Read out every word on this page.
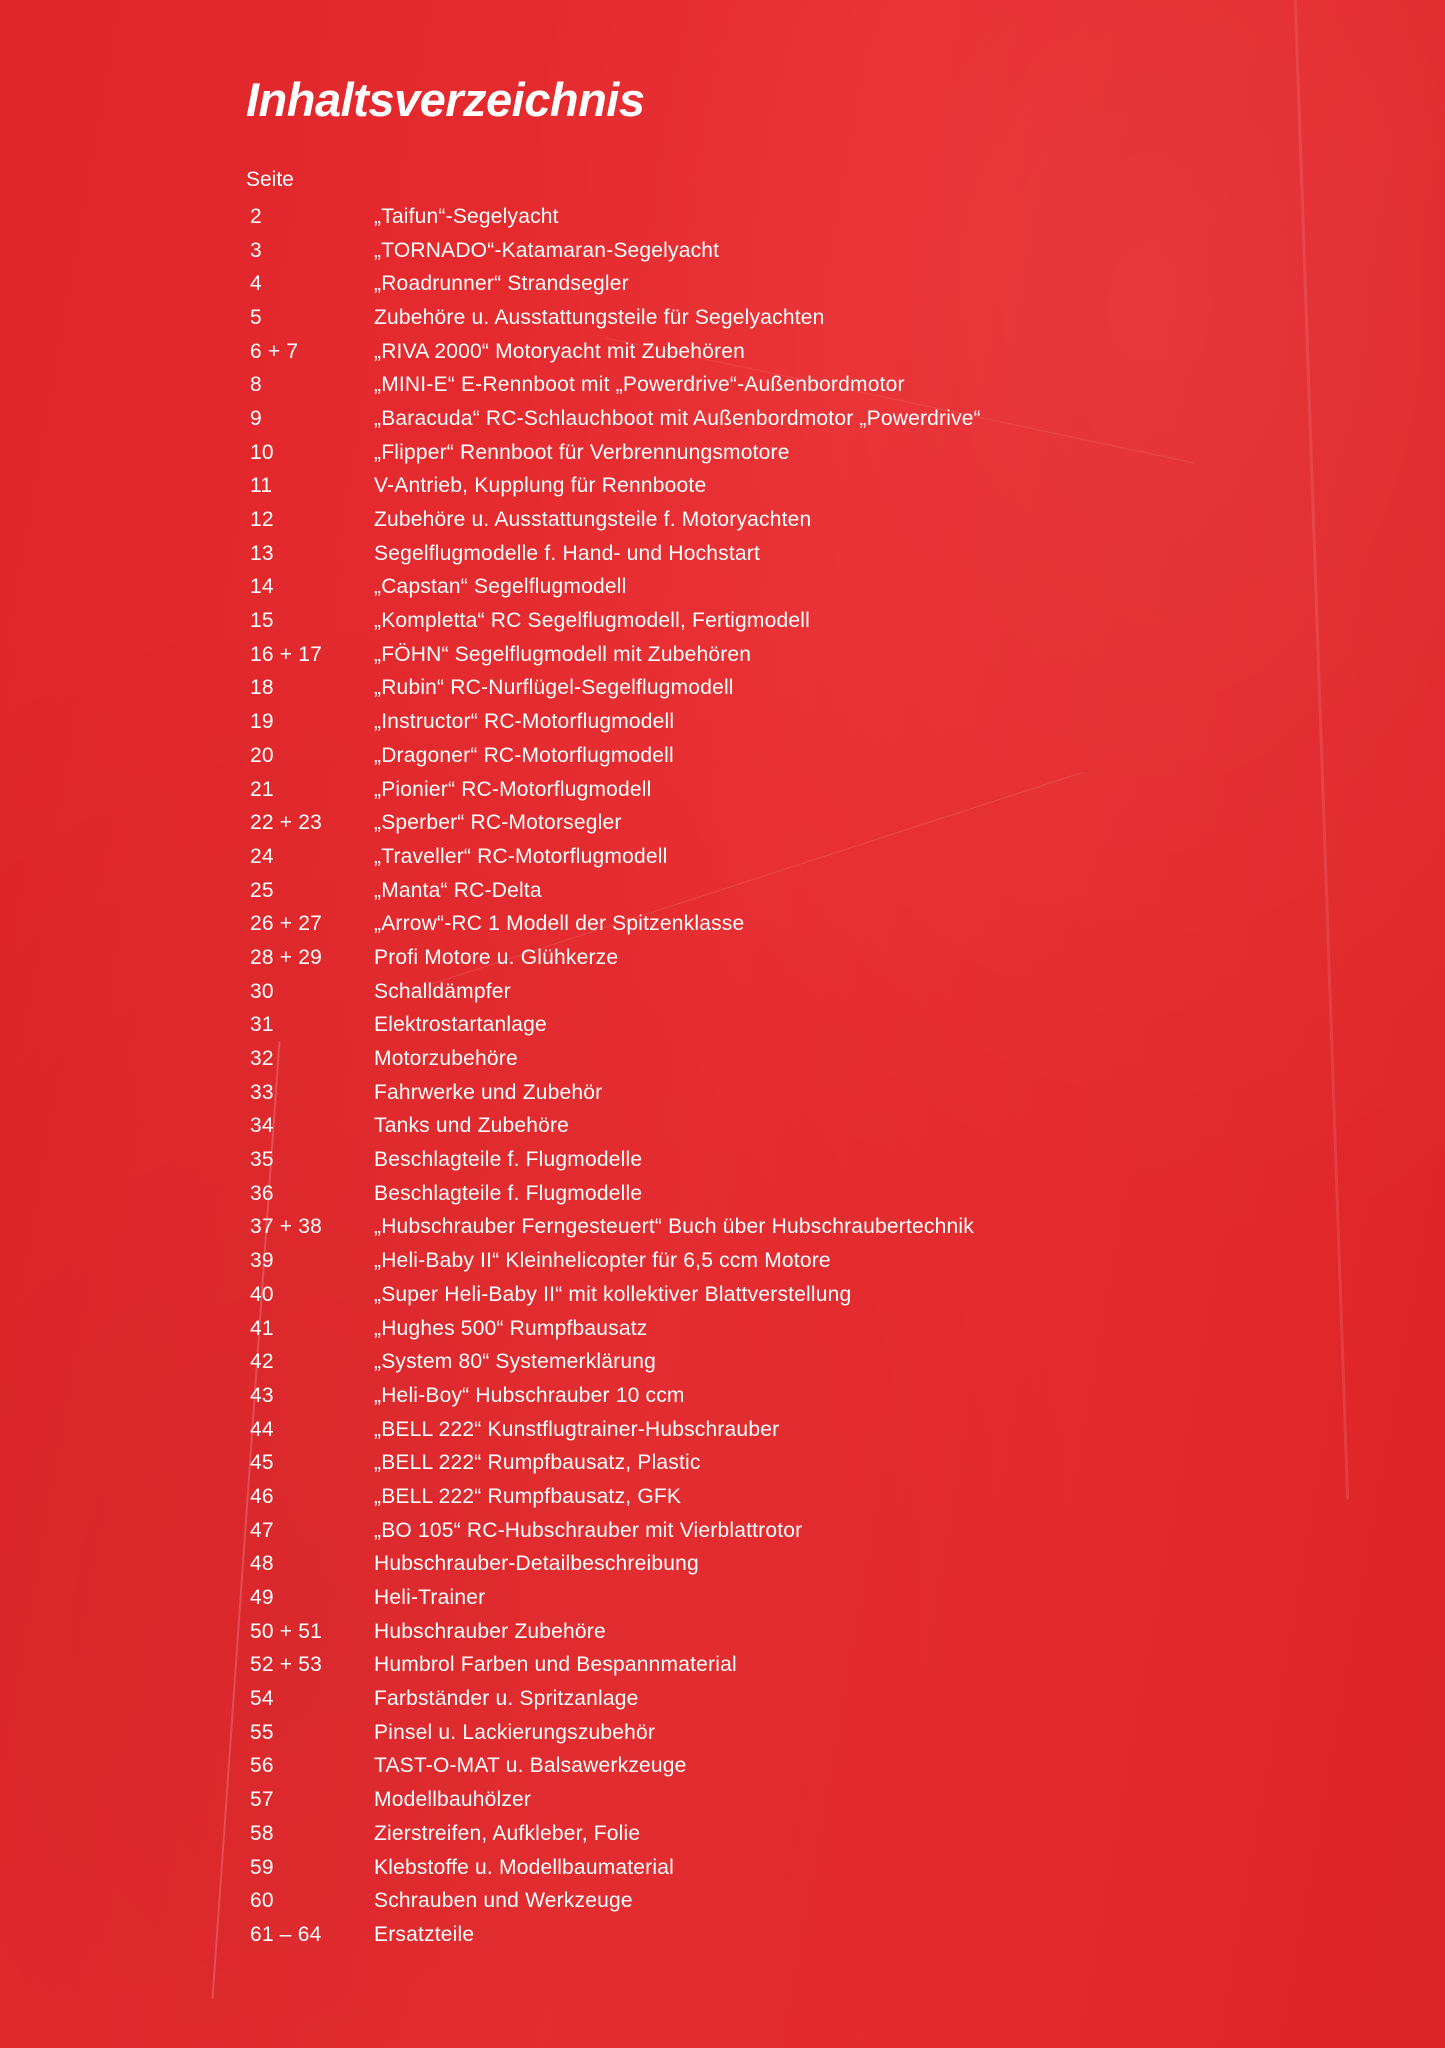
Inhaltsverzeichnis
Seite
2	„Taifun“-Segelyacht
3	„TORNADO“-Katamaran-Segelyacht
4	„Roadrunner“ Strandsegler
5	Zubehöre u. Ausstattungsteile für Segelyachten
6 + 7	„RIVA 2000“ Motoryacht mit Zubehören
8	„MINI-E“ E-Rennboot mit „Powerdrive“-Außenbordmotor
9	„Baracuda“ RC-Schlauchboot mit Außenbordmotor „Powerdrive“
10	„Flipper“ Rennboot für Verbrennungsmotore
11	V-Antrieb, Kupplung für Rennboote
12	Zubehöre u. Ausstattungsteile f. Motoryachten
13	Segelflugmodelle f. Hand- und Hochstart
14	„Capstan“ Segelflugmodell
15	„Kompletta“ RC Segelflugmodell, Fertigmodell
16 + 17	„FÖHN“ Segelflugmodell mit Zubehören
18	„Rubin“ RC-Nurflügel-Segelflugmodell
19	„Instructor“ RC-Motorflugmodell
20	„Dragoner“ RC-Motorflugmodell
21	„Pionier“ RC-Motorflugmodell
22 + 23	„Sperber“ RC-Motorsegler
24	„Traveller“ RC-Motorflugmodell
25	„Manta“ RC-Delta
26 + 27	„Arrow“-RC 1 Modell der Spitzenklasse
28 + 29	Profi Motore u. Glühkerze
30	Schalldämpfer
31	Elektrostartanlage
32	Motorzubehöre
33	Fahrwerke und Zubehör
34	Tanks und Zubehöre
35	Beschlagteile f. Flugmodelle
36	Beschlagteile f. Flugmodelle
37 + 38	„Hubschrauber Ferngesteuert“ Buch über Hubschraubertechnik
39	„Heli-Baby II“ Kleinhelicopter für 6,5 ccm Motore
40	„Super Heli-Baby II“ mit kollektiver Blattverstellung
41	„Hughes 500“ Rumpfbausatz
42	„System 80“ Systemerklärung
43	„Heli-Boy“ Hubschrauber 10 ccm
44	„BELL 222“ Kunstflugtrainer-Hubschrauber
45	„BELL 222“ Rumpfbausatz, Plastic
46	„BELL 222“ Rumpfbausatz, GFK
47	„BO 105“ RC-Hubschrauber mit Vierblattrotor
48	Hubschrauber-Detailbeschreibung
49	Heli-Trainer
50 + 51	Hubschrauber Zubehöre
52 + 53	Humbrol Farben und Bespannmaterial
54	Farbständer u. Spritzanlage
55	Pinsel u. Lackierungszubehör
56	TAST-O-MAT u. Balsawerkzeuge
57	Modellbauhölzer
58	Zierstreifen, Aufkleber, Folie
59	Klebstoffe u. Modellbaumaterial
60	Schrauben und Werkzeuge
61 – 64	Ersatzteile
